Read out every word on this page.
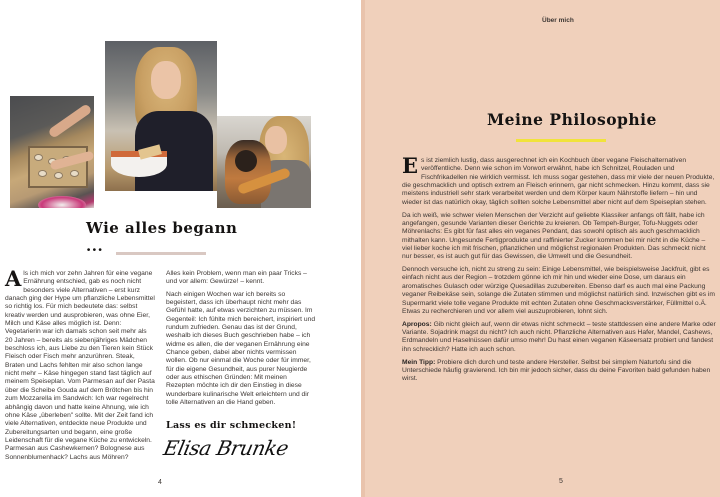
Wie alles begann ...

Als ich mich vor zehn Jahren für eine vegane Ernährung entschied, gab es noch nicht besonders viele Alternativen – erst kurz danach ging der Hype um pflanzliche Lebensmittel so richtig los. Für mich bedeutete das: selbst kreativ werden und ausprobieren, was ohne Eier, Milch und Käse alles möglich ist. Denn: Vegetarierin war ich damals schon seit mehr als 20 Jahren – bereits als siebenjähriges Mädchen beschloss ich, aus Liebe zu den Tieren kein Stück Fleisch oder Fisch mehr anzurühren. Steak, Braten und Lachs fehlten mir also schon lange nicht mehr – Käse hingegen stand fast täglich auf meinem Speiseplan. Vom Parmesan auf der Pasta über die Scheibe Gouda auf dem Brötchen bis hin zum Mozzarella im Sandwich: Ich war regelrecht abhängig davon und hatte keine Ahnung, wie ich ohne Käse „überleben" sollte. Mit der Zeit fand ich viele Alternativen, entdeckte neue Produkte und Zubereitungsarten und begann, eine große Leidenschaft für die vegane Küche zu entwickeln. Parmesan aus Cashewkernen? Bolognese aus Sonnenblumenhack? Lachs aus Möhren?

Alles kein Problem, wenn man ein paar Tricks – und vor allem: Gewürze! – kennt.

Nach einigen Wochen war ich bereits so begeistert, dass ich überhaupt nicht mehr das Gefühl hatte, auf etwas verzichten zu müssen. Im Gegenteil: Ich fühlte mich bereichert, inspiriert und rundum zufrieden. Genau das ist der Grund, weshalb ich dieses Buch geschrieben habe – ich widme es allen, die der veganen Ernährung eine Chance geben, dabei aber nichts vermissen wollen. Ob nur einmal die Woche oder für immer, für die eigene Gesundheit, aus purer Neugierde oder aus ethischen Gründen: Mit meinen Rezepten möchte ich dir den Einstieg in diese wunderbare kulinarische Welt erleichtern und dir tolle Alternativen an die Hand geben.

Lass es dir schmecken!
Elisa Brunke
4
Über mich
Meine Philosophie

Es ist ziemlich lustig, dass ausgerechnet ich ein Kochbuch über vegane Fleischalternativen veröffentliche. Denn wie schon im Vorwort erwähnt, habe ich Schnitzel, Rouladen und Fischfrikadellen nie wirklich vermisst. Ich muss sogar gestehen, dass mir viele der neuen Produkte, die geschmacklich und optisch extrem an Fleisch erinnern, gar nicht schmecken. Hinzu kommt, dass sie meistens industriell sehr stark verarbeitet werden und dem Körper kaum Nährstoffe liefern – hin und wieder ist das natürlich okay, täglich sollten solche Lebensmittel aber nicht auf dem Speiseplan stehen.

Da ich weiß, wie schwer vielen Menschen der Verzicht auf geliebte Klassiker anfangs oft fällt, habe ich angefangen, gesunde Varianten dieser Gerichte zu kreieren. Ob Tempeh-Burger, Tofu-Nuggets oder Möhrenlachs: Es gibt für fast alles ein veganes Pendant, das sowohl optisch als auch geschmacklich mithalten kann. Ungesunde Fertigprodukte und raffinierter Zucker kommen bei mir nicht in die Küche – viel lieber koche ich mit frischen, pflanzlichen und möglichst regionalen Produkten. Das schmeckt nicht nur besser, es ist auch gut für das Gewissen, die Umwelt und die Gesundheit.

Dennoch versuche ich, nicht zu streng zu sein: Einige Lebensmittel, wie beispielsweise Jackfruit, gibt es einfach nicht aus der Region – trotzdem gönne ich mir hin und wieder eine Dose, um daraus ein aromatisches Gulasch oder würzige Quesadillas zuzubereiten. Ebenso darf es auch mal eine Packung veganer Reibekäse sein, solange die Zutaten stimmen und möglichst natürlich sind. Inzwischen gibt es im Supermarkt viele tolle vegane Produkte mit echten Zutaten ohne Geschmacksverstärker, Füllmittel o.Ä. Etwas zu recherchieren und vor allem viel auszuprobieren, lohnt sich.

Apropos: Gib nicht gleich auf, wenn dir etwas nicht schmeckt – teste stattdessen eine andere Marke oder Variante. Sojadrink magst du nicht? Ich auch nicht. Pflanzliche Alternativen aus Hafer, Mandel, Cashews, Erdmandeln und Haselnüssen dafür umso mehr! Du hast einen veganen Käseersatz probiert und fandest ihn schrecklich? Hatte ich auch schon.

Mein Tipp: Probiere dich durch und teste andere Hersteller. Selbst bei simplem Naturtofu sind die Unterschiede häufig gravierend. Ich bin mir jedoch sicher, dass du deine Favoriten bald gefunden haben wirst.

5
